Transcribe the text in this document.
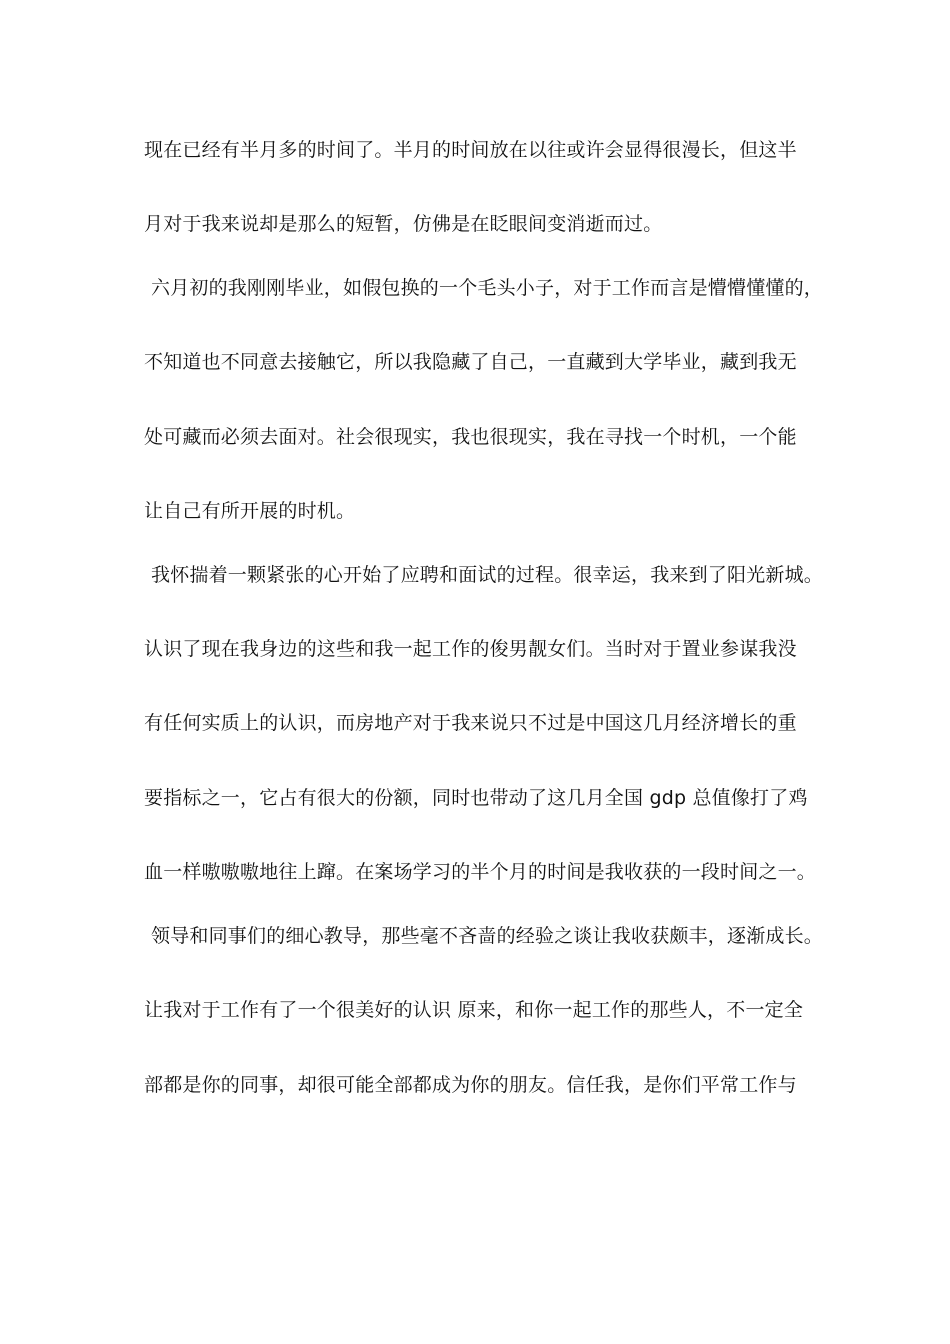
现在已经有半月多的时间了。半月的时间放在以往或许会显得很漫长，但这半
月对于我来说却是那么的短暂，仿佛是在眨眼间变消逝而过。
六月初的我刚刚毕业，如假包换的一个毛头小子，对于工作而言是懵懵懂懂的，
不知道也不同意去接触它，所以我隐藏了自己，一直藏到大学毕业，藏到我无
处可藏而必须去面对。社会很现实，我也很现实，我在寻找一个时机，一个能
让自己有所开展的时机。
我怀揣着一颗紧张的心开始了应聘和面试的过程。很幸运，我来到了阳光新城。
认识了现在我身边的这些和我一起工作的俊男靓女们。当时对于置业参谋我没
有任何实质上的认识，而房地产对于我来说只不过是中国这几月经济增长的重
要指标之一，它占有很大的份额，同时也带动了这几月全国 gdp 总值像打了鸡
血一样嗷嗷嗷地往上蹿。在案场学习的半个月的时间是我收获的一段时间之一。
领导和同事们的细心教导，那些毫不吝啬的经验之谈让我收获颇丰，逐渐成长。
让我对于工作有了一个很美好的认识 原来，和你一起工作的那些人，不一定全
部都是你的同事，却很可能全部都成为你的朋友。信任我，是你们平常工作与
